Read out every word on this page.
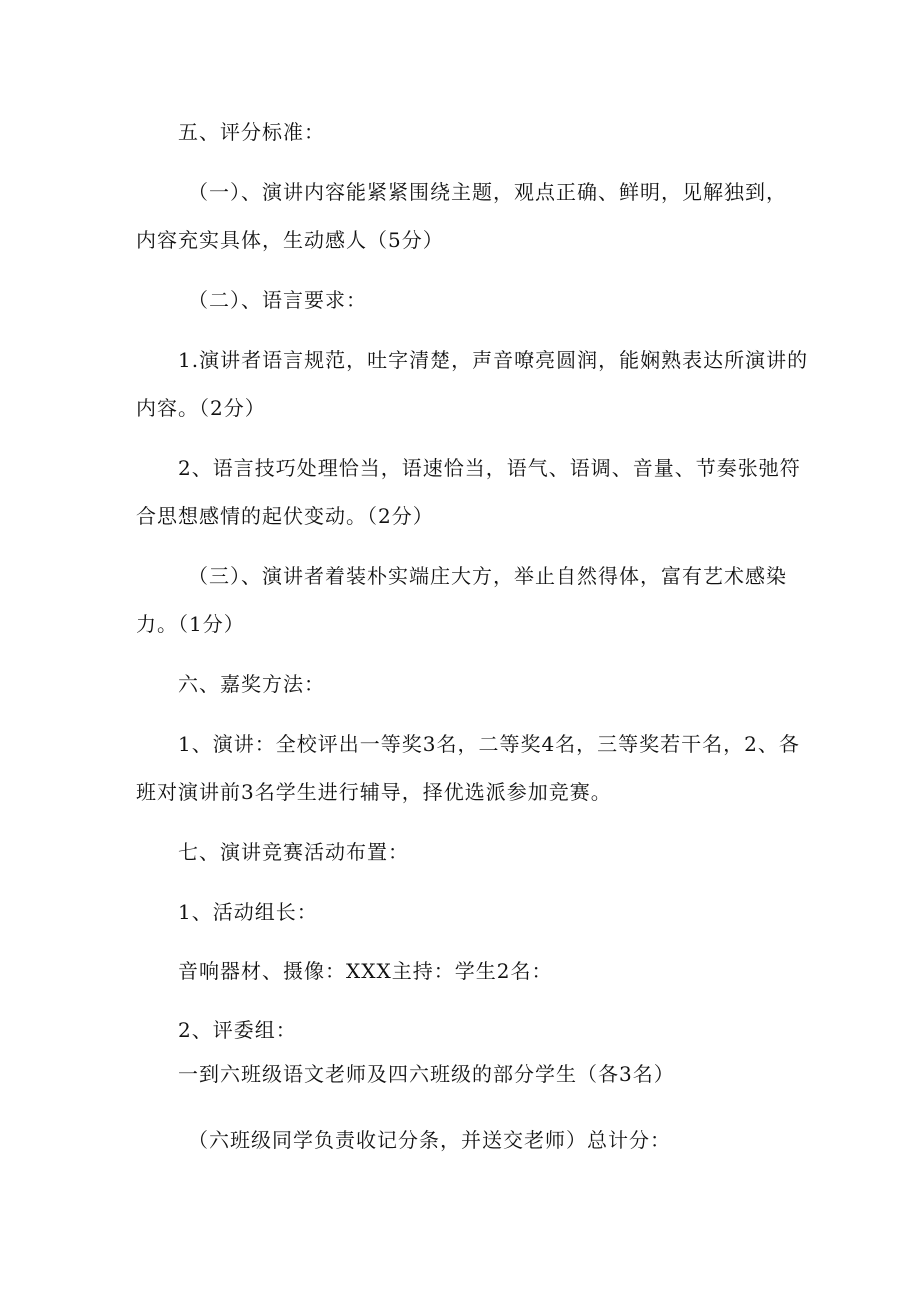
五、评分标准：
（一）、演讲内容能紧紧围绕主题，观点正确、鲜明，见解独到，
内容充实具体，生动感人（5分）
（二）、语言要求：
1.演讲者语言规范，吐字清楚，声音嘹亮圆润，能娴熟表达所演讲的
内容。（2分）
2、语言技巧处理恰当，语速恰当，语气、语调、音量、节奏张弛符
合思想感情的起伏变动。（2分）
（三）、演讲者着装朴实端庄大方，举止自然得体，富有艺术感染
力。（1分）
六、嘉奖方法：
1、演讲：全校评出一等奖3名，二等奖4名，三等奖若干名，2、各
班对演讲前3名学生进行辅导，择优选派参加竞赛。
七、演讲竞赛活动布置：
1、活动组长：
音响器材、摄像：XXX主持：学生2名：
2、评委组：
一到六班级语文老师及四六班级的部分学生（各3名）
（六班级同学负责收记分条，并送交老师）总计分：
